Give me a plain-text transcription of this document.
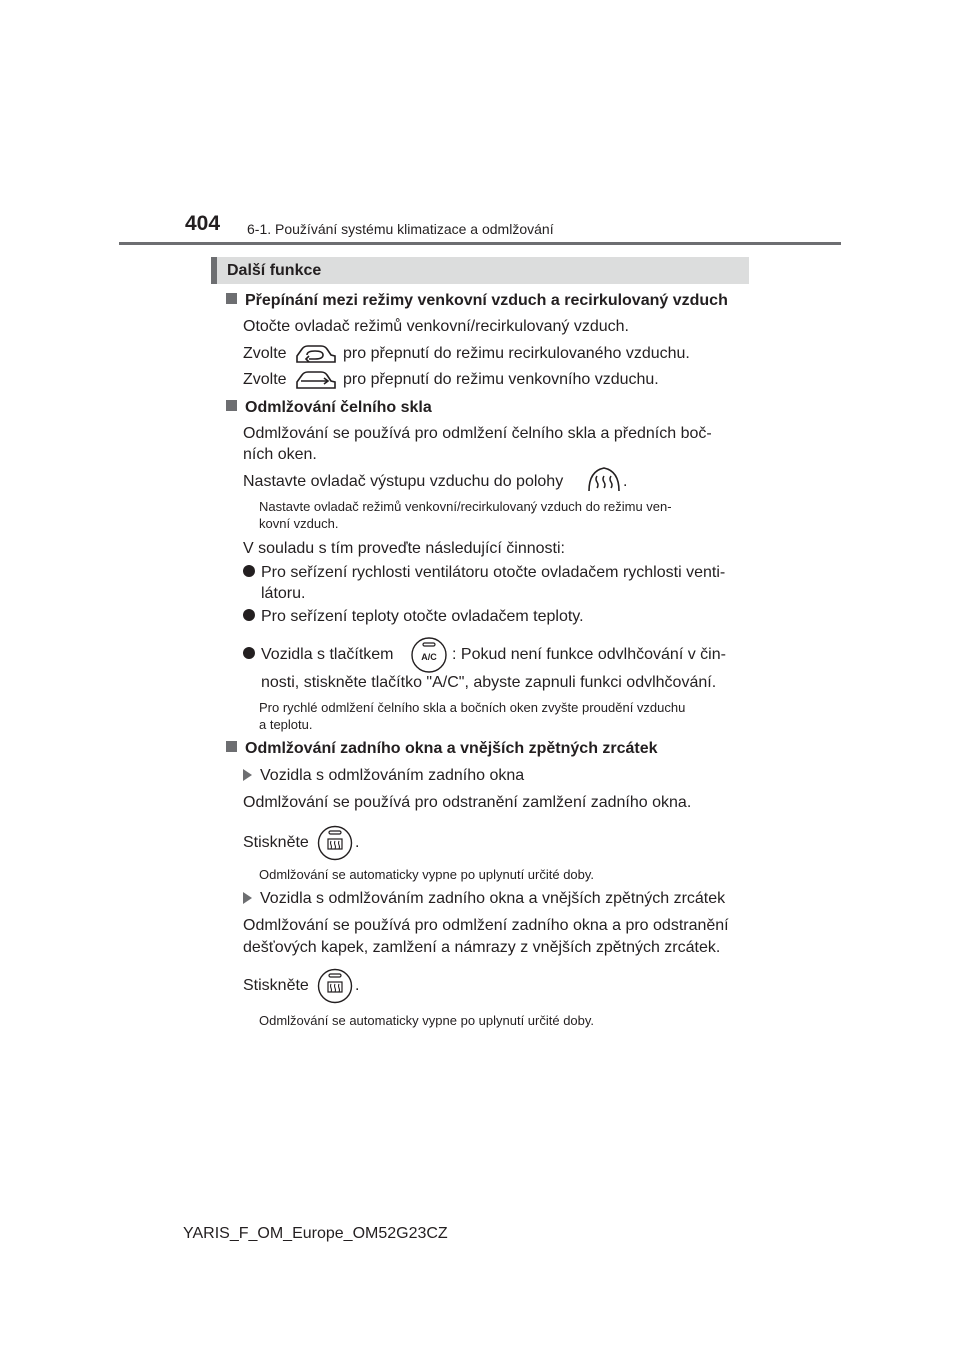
404 6-1. Používání systému klimatizace a odmlžování
Další funkce
Přepínání mezi režimy venkovní vzduch a recirkulovaný vzduch
Otočte ovladač režimů venkovní/recirkulovaný vzduch.
Zvolte	pro přepnutí do režimu recirkulovaného vzduchu.
Zvolte	pro přepnutí do režimu venkovního vzduchu.
Odmlžování čelního skla
Odmlžování se používá pro odmlžení čelního skla a předních boč-
ních oken.
Nastavte ovladač výstupu vzduchu do polohy	.
Nastavte ovladač režimů venkovní/recirkulovaný vzduch do režimu ven-
kovní vzduch.
V souladu s tím proveďte následující činnosti:
Pro seřízení rychlosti ventilátoru otočte ovladačem rychlosti venti-
látoru.
Pro seřízení teploty otočte ovladačem teploty.
Vozidla s tlačítkem	A/C : Pokud není funkce odvlhčování v čin-
nosti, stiskněte tlačítko "A/C", abyste zapnuli funkci odvlhčování.
Pro rychlé odmlžení čelního skla a bočních oken zvyšte proudění vzduchu
a teplotu.
Odmlžování zadního okna a vnějších zpětných zrcátek
Vozidla s odmlžováním zadního okna
Odmlžování se používá pro odstranění zamlžení zadního okna.
Stiskněte	.
Odmlžování se automaticky vypne po uplynutí určité doby.
Vozidla s odmlžováním zadního okna a vnějších zpětných zrcátek
Odmlžování se používá pro odmlžení zadního okna a pro odstranění
dešťových kapek, zamlžení a námrazy z vnějších zpětných zrcátek.
Stiskněte	.
Odmlžování se automaticky vypne po uplynutí určité doby.
YARIS_F_OM_Europe_OM52G23CZ
